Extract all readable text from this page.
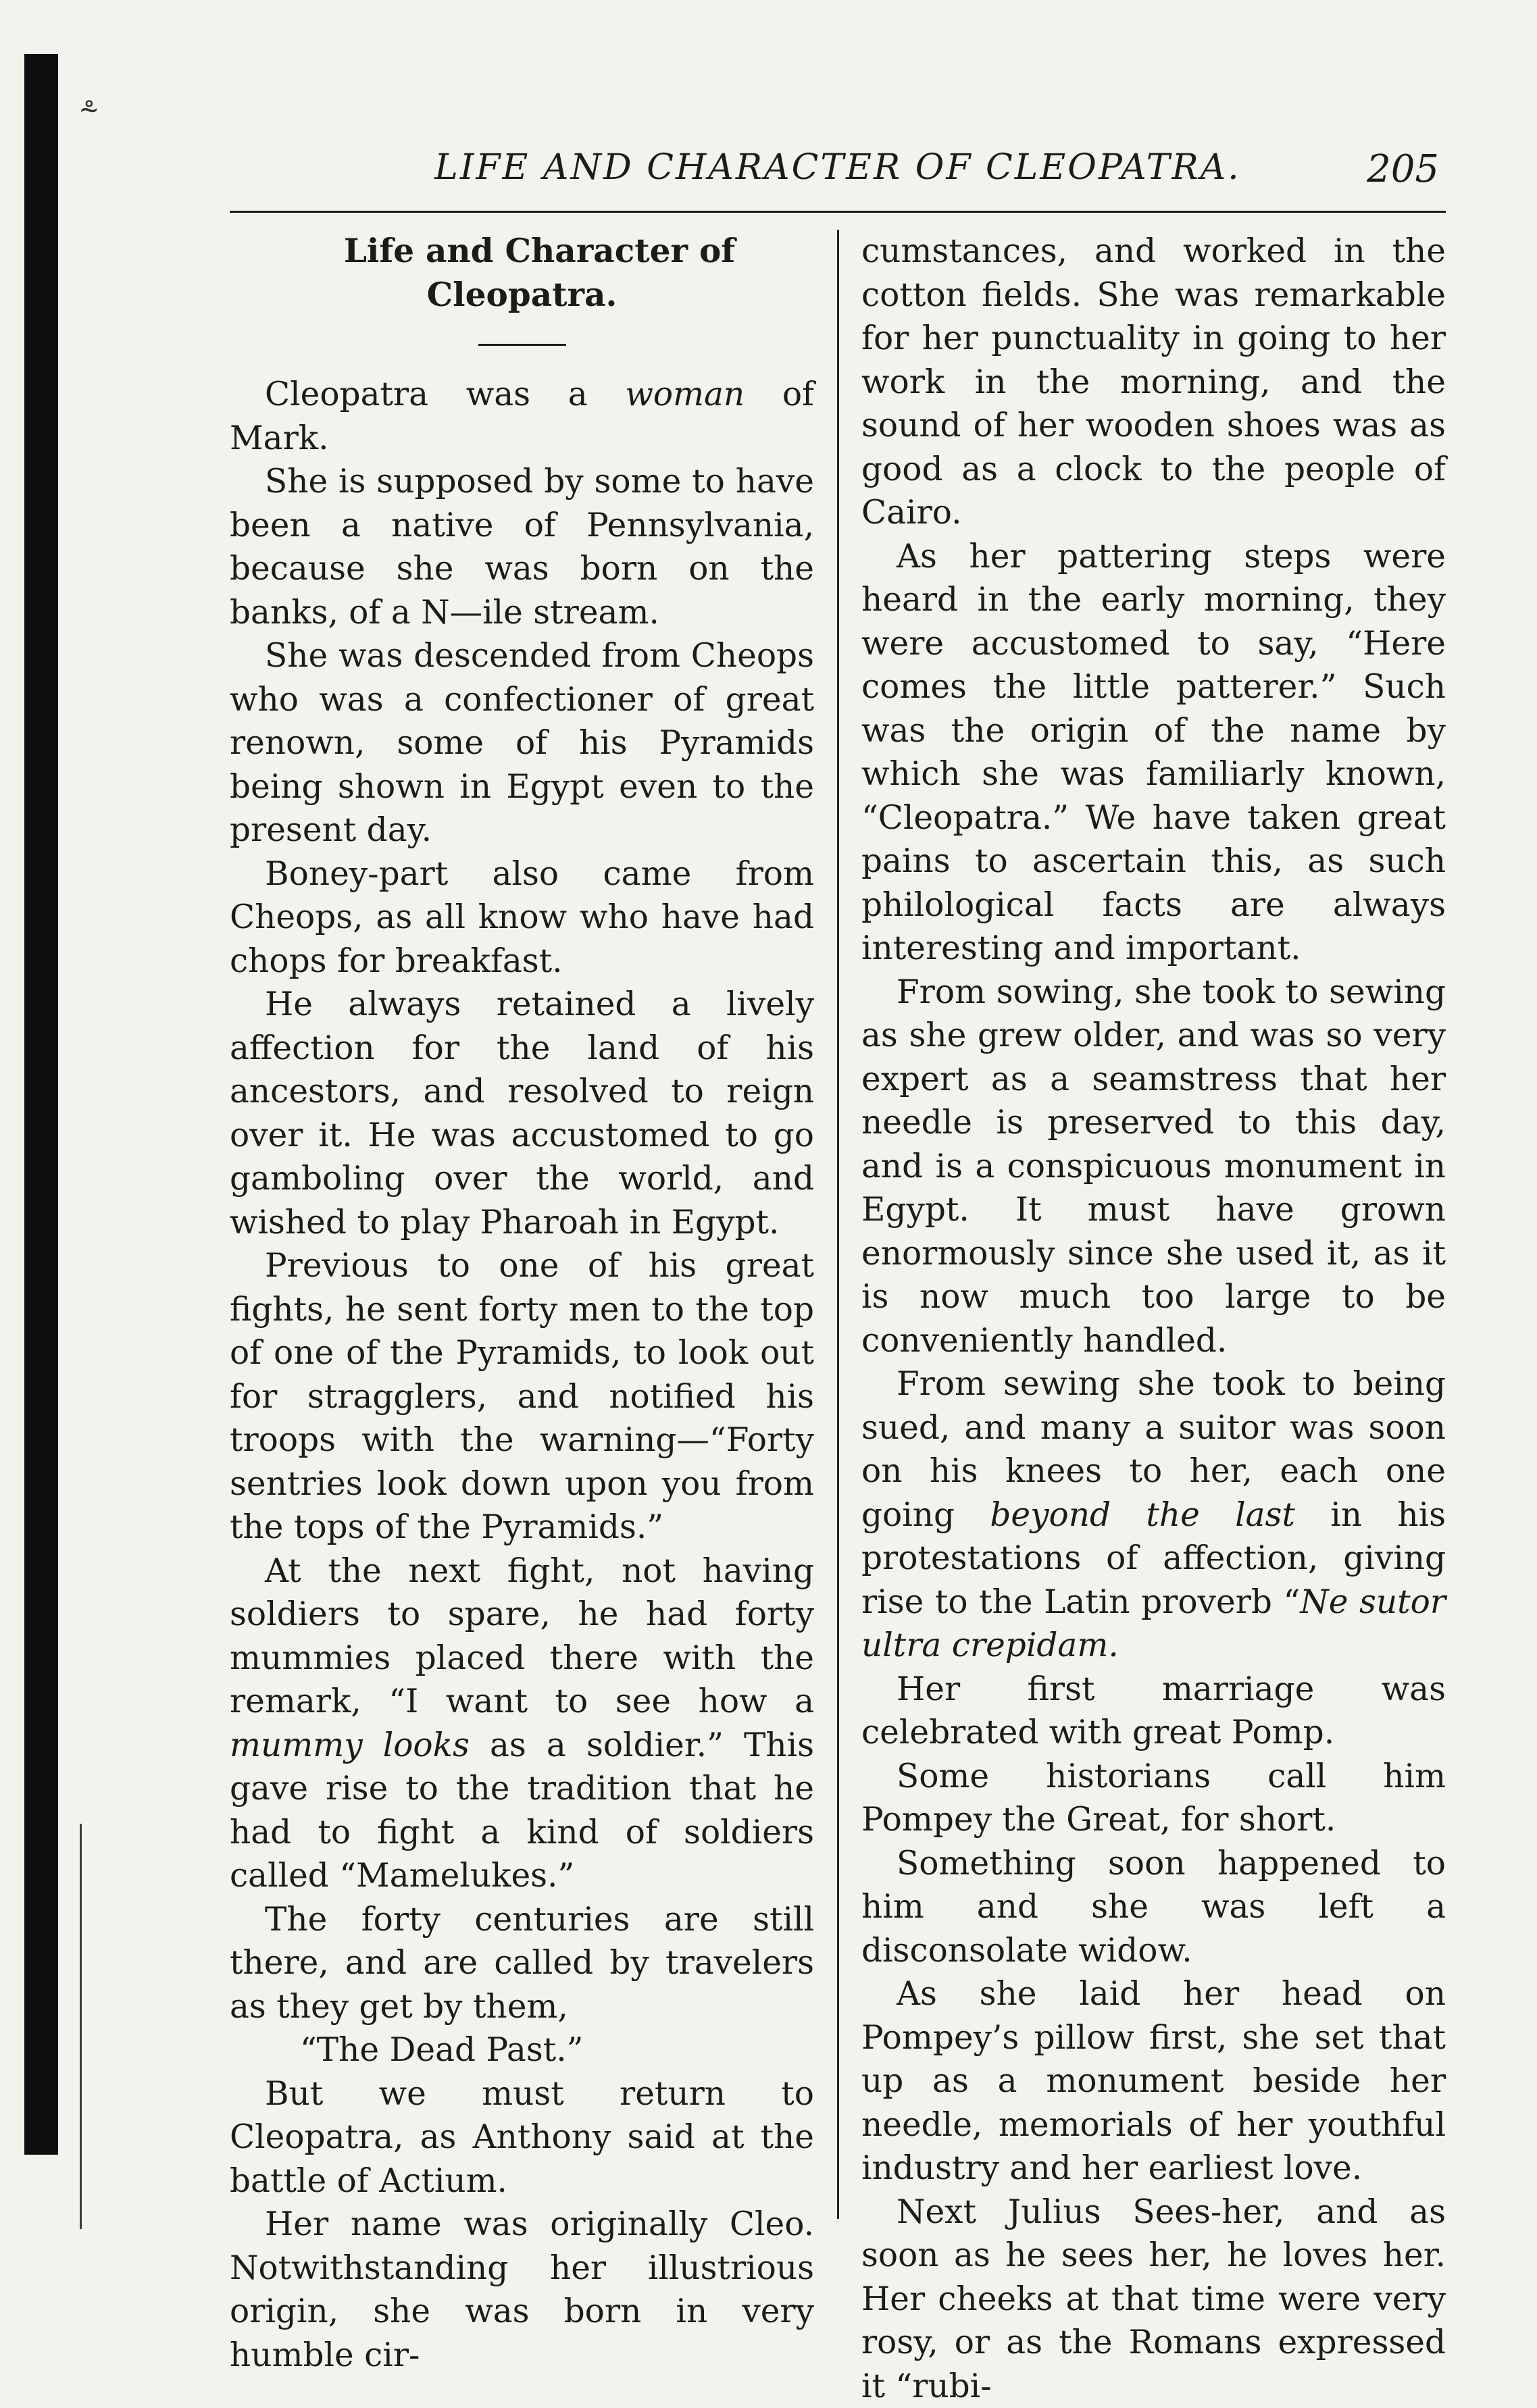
⸛
LIFE AND CHARACTER OF CLEOPATRA.	205

Life and Character of Cleopatra.

Cleopatra was a woman of Mark.

She is supposed by some to have been a native of Pennsylvania, because she was born on the banks, of a N—ile stream.

She was descended from Cheops who was a confectioner of great renown, some of his Pyramids being shown in Egypt even to the present day.

Boney-part also came from Cheops, as all know who have had chops for breakfast.

He always retained a lively affection for the land of his ancestors, and resolved to reign over it. He was accustomed to go gamboling over the world, and wished to play Pharoah in Egypt.

Previous to one of his great fights, he sent forty men to the top of one of the Pyramids, to look out for stragglers, and notified his troops with the warning—“Forty sentries look down upon you from the tops of the Pyramids.”

At the next fight, not having soldiers to spare, he had forty mummies placed there with the remark, “I want to see how a mummy looks as a soldier.” This gave rise to the tradition that he had to fight a kind of soldiers called “Mamelukes.”

The forty centuries are still there, and are called by travelers as they get by them,

“The Dead Past.”

But we must return to Cleopatra, as Anthony said at the battle of Actium.

Her name was originally Cleo. Notwithstanding her illustrious origin, she was born in very humble cir-

cumstances, and worked in the cotton fields. She was remarkable for her punctuality in going to her work in the morning, and the sound of her wooden shoes was as good as a clock to the people of Cairo.

As her pattering steps were heard in the early morning, they were accustomed to say, “Here comes the little patterer.” Such was the origin of the name by which she was familiarly known, “Cleopatra.” We have taken great pains to ascertain this, as such philological facts are always interesting and important.

From sowing, she took to sewing as she grew older, and was so very expert as a seamstress that her needle is preserved to this day, and is a conspicuous monument in Egypt. It must have grown enormously since she used it, as it is now much too large to be conveniently handled.

From sewing she took to being sued, and many a suitor was soon on his knees to her, each one going beyond the last in his protestations of affection, giving rise to the Latin proverb “Ne sutor ultra crepidam.

Her first marriage was celebrated with great Pomp.

Some historians call him Pompey the Great, for short.

Something soon happened to him and she was left a disconsolate widow.

As she laid her head on Pompey’s pillow first, she set that up as a monument beside her needle, memorials of her youthful industry and her earliest love.

Next Julius Sees-her, and as soon as he sees her, he loves her. Her cheeks at that time were very rosy, or as the Romans expressed it “rubi-
